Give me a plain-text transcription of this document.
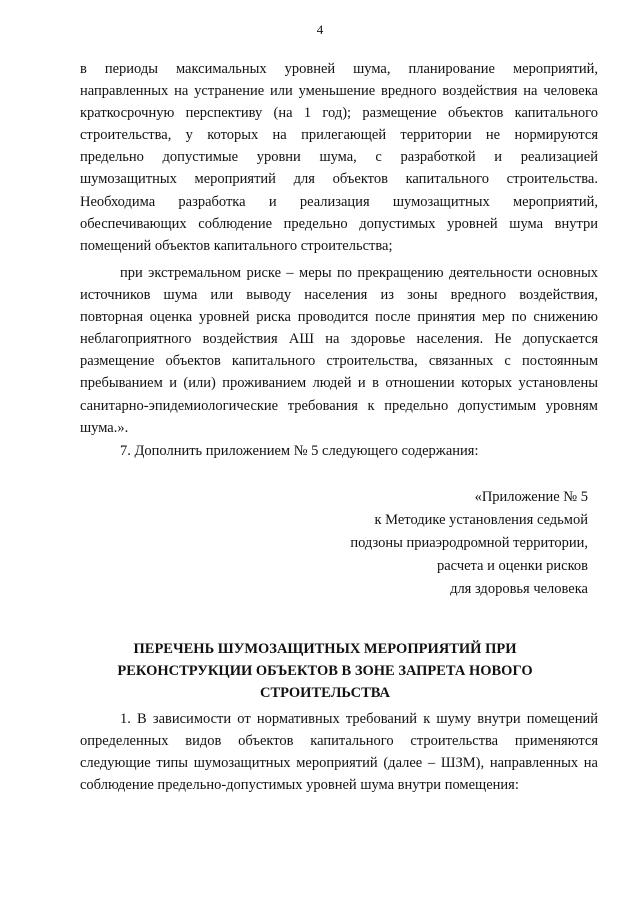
4
в периоды максимальных уровней шума, планирование мероприятий,
направленных на устранение или уменьшение вредного воздействия на человека
краткосрочную перспективу (на 1 год); размещение объектов капитального
строительства, у которых на прилегающей территории не нормируются
предельно допустимые уровни шума, с разработкой и реализацией
шумозащитных мероприятий для объектов капитального строительства.
Необходима разработка и реализация шумозащитных мероприятий,
обеспечивающих соблюдение предельно допустимых уровней шума внутри
помещений объектов капитального строительства;
при экстремальном риске – меры по прекращению деятельности основных
источников шума или выводу населения из зоны вредного воздействия,
повторная оценка уровней риска проводится после принятия мер по снижению
неблагоприятного воздействия АШ на здоровье населения. Не допускается
размещение объектов капитального строительства, связанных с постоянным
пребыванием и (или) проживанием людей и в отношении которых установлены
санитарно-эпидемиологические требования к предельно допустимым уровням
шума.».
7. Дополнить приложением № 5 следующего содержания:
«Приложение № 5
к Методике установления седьмой
подзоны приаэродромной территории,
расчета и оценки рисков
для здоровья человека
ПЕРЕЧЕНЬ ШУМОЗАЩИТНЫХ МЕРОПРИЯТИЙ ПРИ
РЕКОНСТРУКЦИИ ОБЪЕКТОВ В ЗОНЕ ЗАПРЕТА НОВОГО
СТРОИТЕЛЬСТВА
1. В зависимости от нормативных требований к шуму внутри помещений
определенных видов объектов капитального строительства применяются
следующие типы шумозащитных мероприятий (далее – ШЗМ), направленных на
соблюдение предельно-допустимых уровней шума внутри помещения:
